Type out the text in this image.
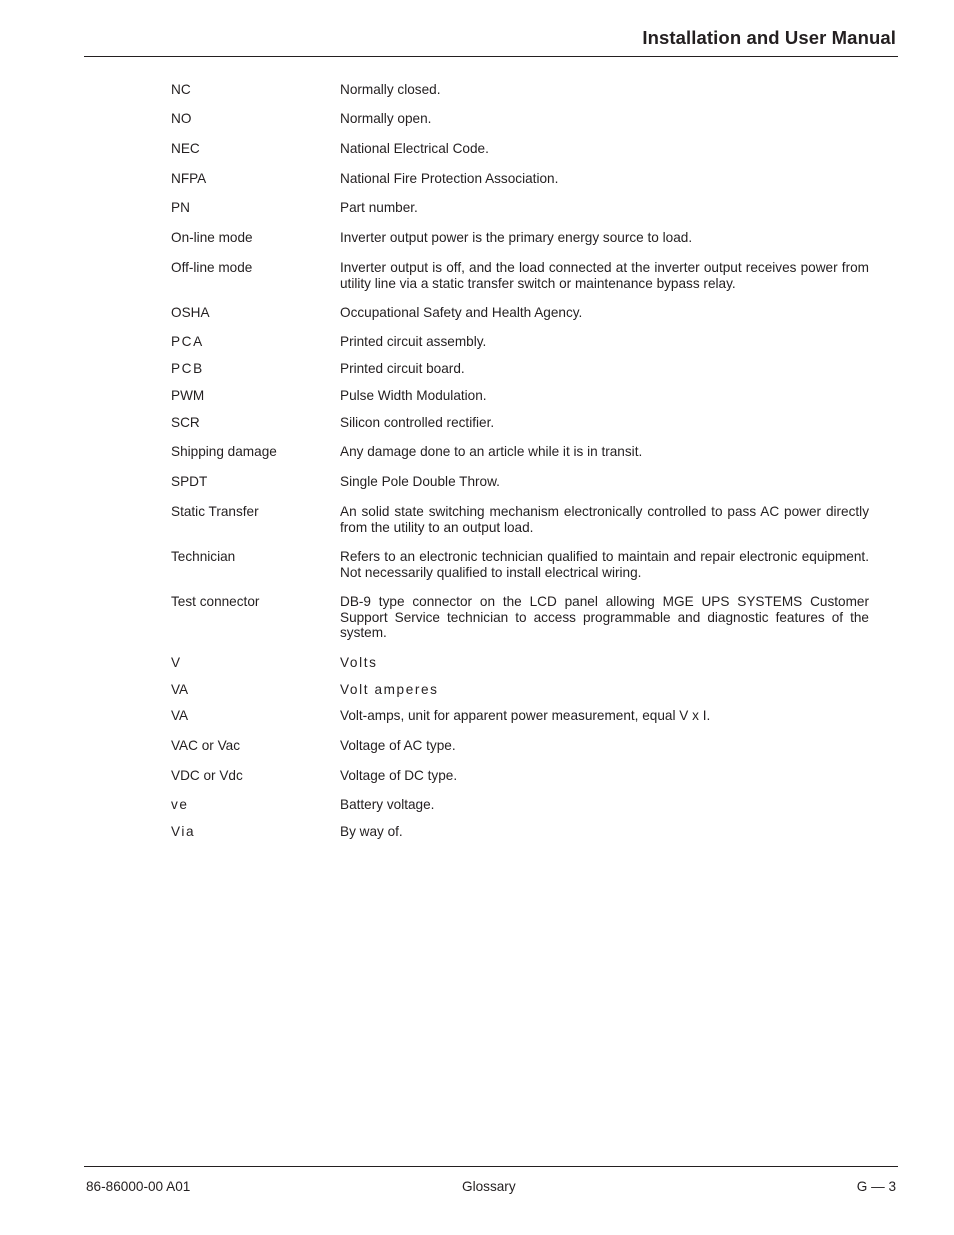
Installation and User Manual
NC	Normally closed.
NO	Normally open.
NEC	National Electrical Code.
NFPA	National Fire Protection Association.
PN	Part number.
On-line mode	Inverter output power is the primary energy source to load.
Off-line mode	Inverter output is off, and the load connected at the inverter output receives power from utility line via a static transfer switch or maintenance bypass relay.
OSHA	Occupational Safety and Health Agency.
PCA	Printed circuit assembly.
PCB	Printed circuit board.
PWM	Pulse Width Modulation.
SCR	Silicon controlled rectifier.
Shipping damage	Any damage done to an article while it is in transit.
SPDT	Single Pole Double Throw.
Static Transfer	An solid state switching mechanism electronically controlled to pass AC power directly from the utility to an output load.
Technician	Refers to an electronic technician qualified to maintain and repair electronic equipment. Not necessarily qualified to install electrical wiring.
Test connector	DB-9 type connector on the LCD panel allowing MGE UPS SYSTEMS Customer Support Service technician to access programmable and diagnostic features of the system.
V	Volts
VA	Volt amperes
VA	Volt-amps, unit for apparent power measurement, equal V x I.
VAC or Vac	Voltage of AC type.
VDC or Vdc	Voltage of DC type.
ve	Battery voltage.
Via	By way of.
86-86000-00 A01	Glossary	G — 3
